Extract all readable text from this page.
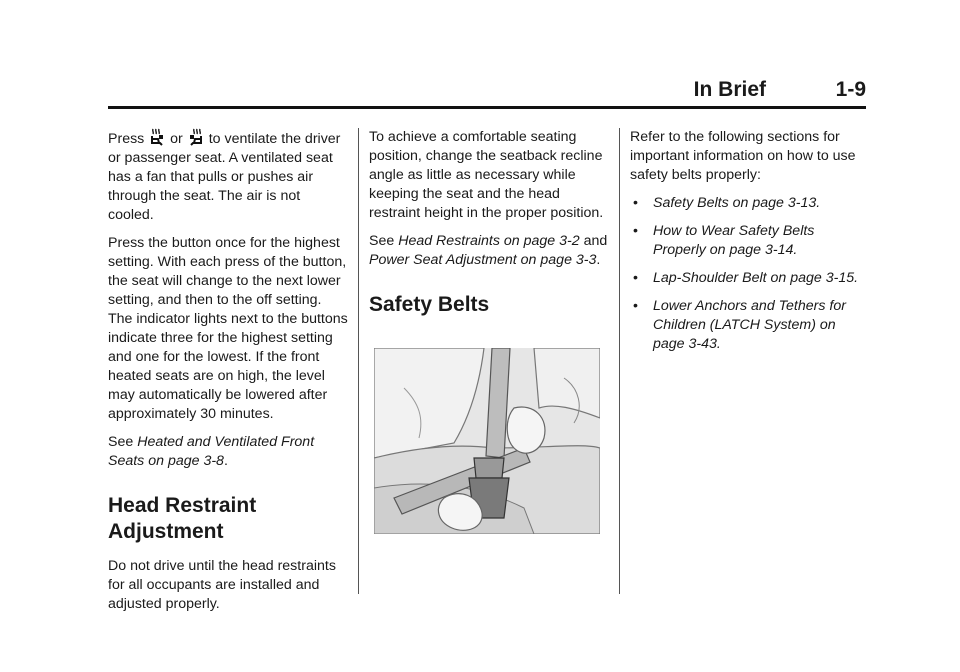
In Brief	1-9

Press or to ventilate the driver or passenger seat. A ventilated seat has a fan that pulls or pushes air through the seat. The air is not cooled.

Press the button once for the highest setting. With each press of the button, the seat will change to the next lower setting, and then to the off setting. The indicator lights next to the buttons indicate three for the highest setting and one for the lowest. If the front heated seats are on high, the level may automatically be lowered after approximately 30 minutes.

See Heated and Ventilated Front Seats on page 3-8.

Head Restraint Adjustment

Do not drive until the head restraints for all occupants are installed and adjusted properly.

To achieve a comfortable seating position, change the seatback recline angle as little as necessary while keeping the seat and the head restraint height in the proper position.

See Head Restraints on page 3-2 and Power Seat Adjustment on page 3-3.

Safety Belts

Refer to the following sections for important information on how to use safety belts properly:

• Safety Belts on page 3-13.
• How to Wear Safety Belts Properly on page 3-14.
• Lap-Shoulder Belt on page 3-15.
• Lower Anchors and Tethers for Children (LATCH System) on page 3-43.
